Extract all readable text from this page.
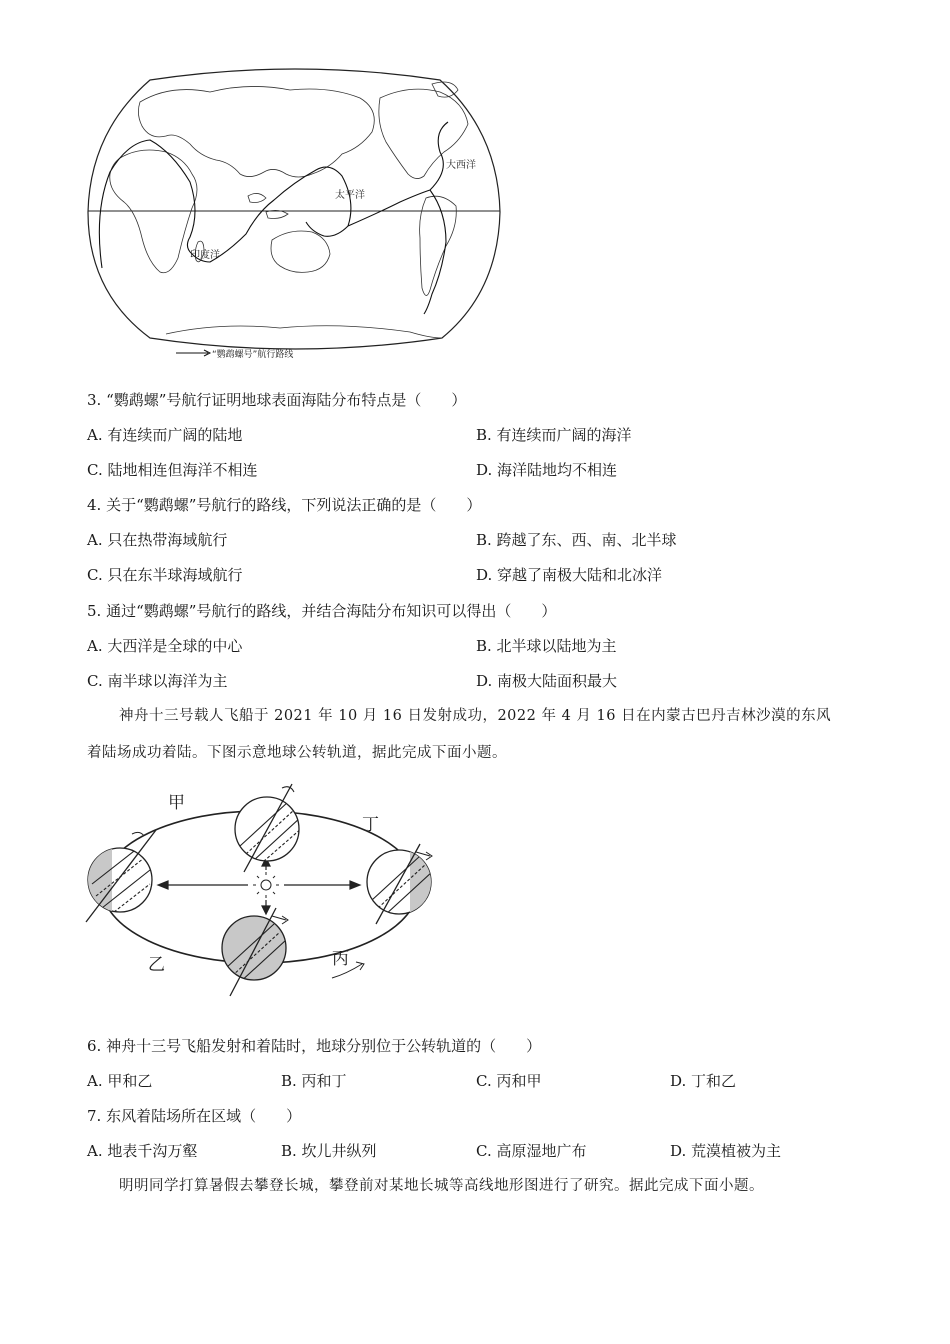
大西洋
太平洋
印度洋
“鹦鹉螺号”航行路线
3. “鹦鹉螺”号航行证明地球表面海陆分布特点是（　　）
A. 有连续而广阔的陆地	B. 有连续而广阔的海洋
C. 陆地相连但海洋不相连	D. 海洋陆地均不相连
4. 关于“鹦鹉螺”号航行的路线，下列说法正确的是（　　）
A. 只在热带海域航行	B. 跨越了东、西、南、北半球
C. 只在东半球海域航行	D. 穿越了南极大陆和北冰洋
5. 通过“鹦鹉螺”号航行的路线，并结合海陆分布知识可以得出（　　）
A. 大西洋是全球的中心	B. 北半球以陆地为主
C. 南半球以海洋为主	D. 南极大陆面积最大
神舟十三号载人飞船于 2021 年 10 月 16 日发射成功，2022 年 4 月 16 日在内蒙古巴丹吉林沙漠的东风
着陆场成功着陆。下图示意地球公转轨道，据此完成下面小题。
甲
丁
乙	丙
6. 神舟十三号飞船发射和着陆时，地球分别位于公转轨道的（　　）
A. 甲和乙	B. 丙和丁	C. 丙和甲	D. 丁和乙
7. 东风着陆场所在区域（　　）
A. 地表千沟万壑	B. 坎儿井纵列	C. 高原湿地广布	D. 荒漠植被为主
明明同学打算暑假去攀登长城，攀登前对某地长城等高线地形图进行了研究。据此完成下面小题。
